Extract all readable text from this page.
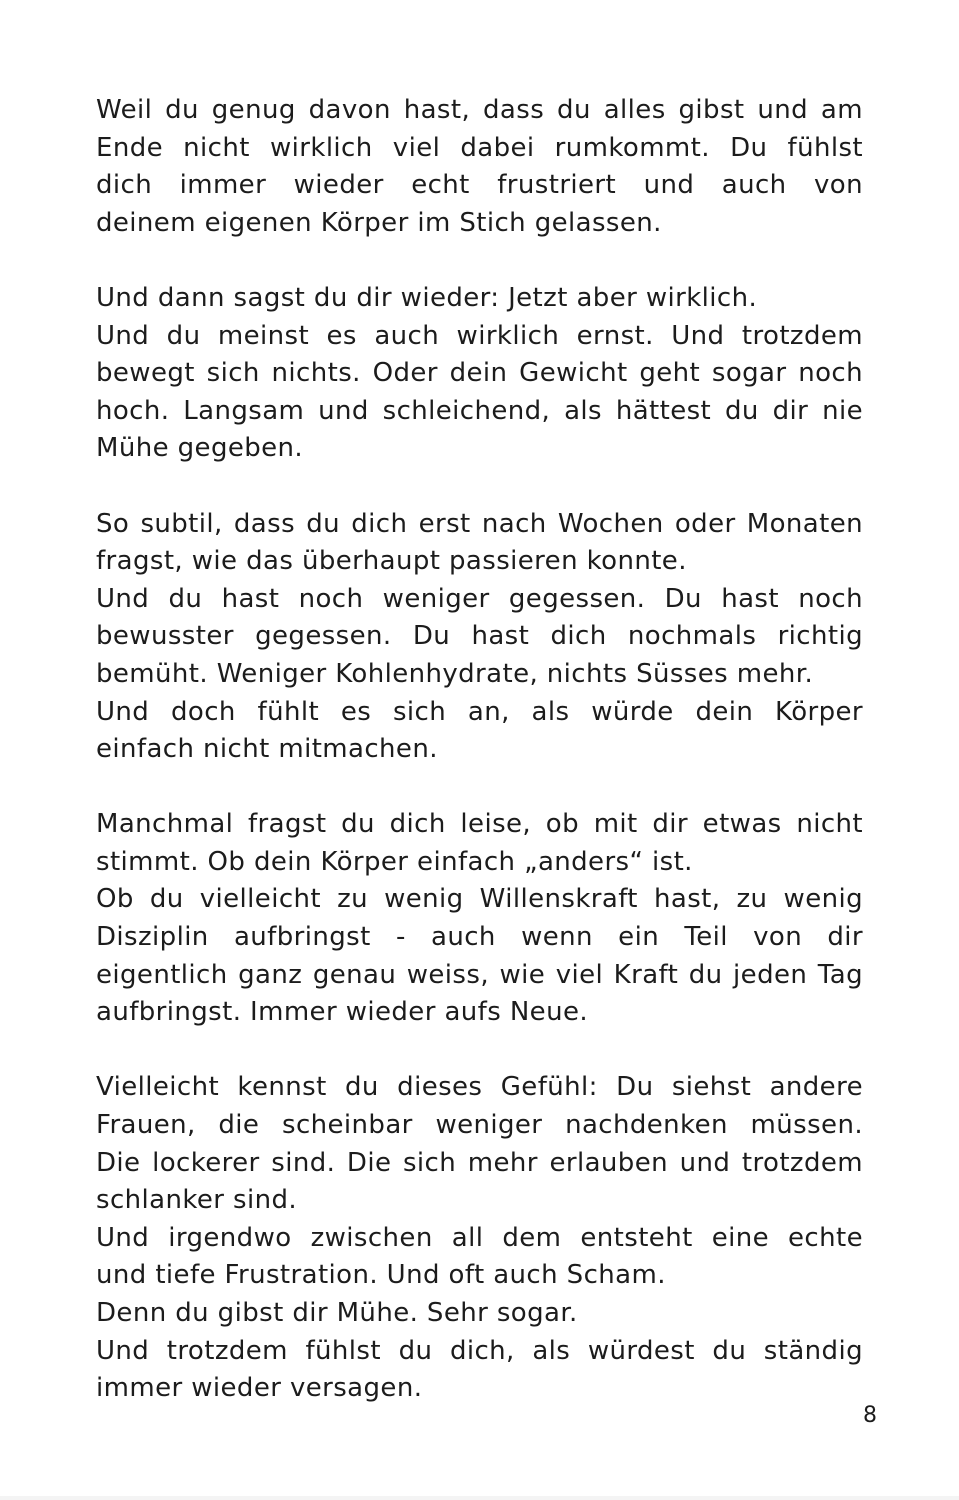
Weil du genug davon hast, dass du alles gibst und am
Ende nicht wirklich viel dabei rumkommt. Du fühlst
dich immer wieder echt frustriert und auch von
deinem eigenen Körper im Stich gelassen.

Und dann sagst du dir wieder: Jetzt aber wirklich.
Und du meinst es auch wirklich ernst. Und trotzdem
bewegt sich nichts. Oder dein Gewicht geht sogar noch
hoch. Langsam und schleichend, als hättest du dir nie
Mühe gegeben.

So subtil, dass du dich erst nach Wochen oder Monaten
fragst, wie das überhaupt passieren konnte.
Und du hast noch weniger gegessen. Du hast noch
bewusster gegessen. Du hast dich nochmals richtig
bemüht. Weniger Kohlenhydrate, nichts Süsses mehr.
Und doch fühlt es sich an, als würde dein Körper
einfach nicht mitmachen.

Manchmal fragst du dich leise, ob mit dir etwas nicht
stimmt. Ob dein Körper einfach „anders“ ist.
Ob du vielleicht zu wenig Willenskraft hast, zu wenig
Disziplin aufbringst - auch wenn ein Teil von dir
eigentlich ganz genau weiss, wie viel Kraft du jeden Tag
aufbringst. Immer wieder aufs Neue.

Vielleicht kennst du dieses Gefühl: Du siehst andere
Frauen, die scheinbar weniger nachdenken müssen.
Die lockerer sind. Die sich mehr erlauben und trotzdem
schlanker sind.
Und irgendwo zwischen all dem entsteht eine echte
und tiefe Frustration. Und oft auch Scham.
Denn du gibst dir Mühe. Sehr sogar.
Und trotzdem fühlst du dich, als würdest du ständig
immer wieder versagen.

8
